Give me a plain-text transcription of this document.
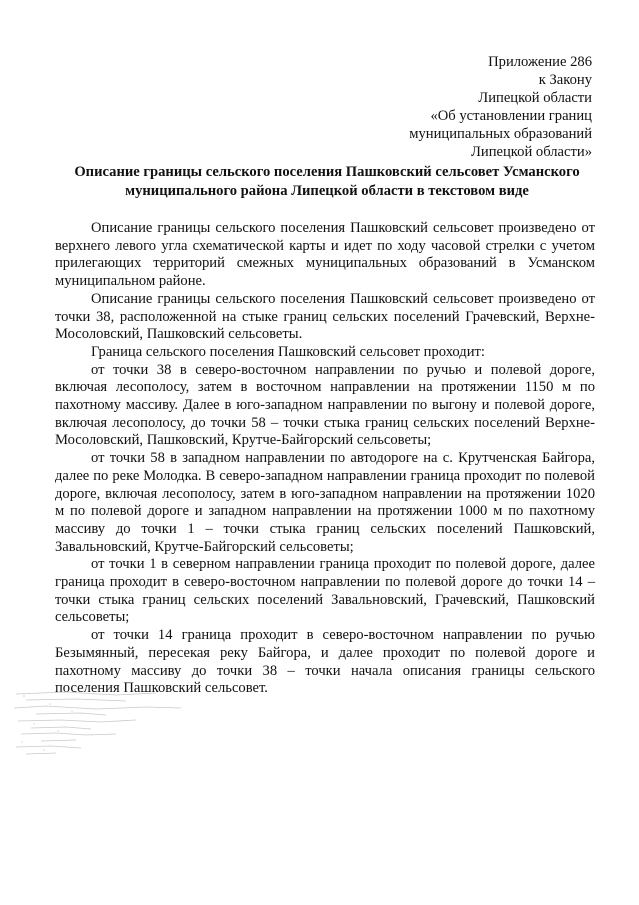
Приложение 286
к Закону
Липецкой области
«Об установлении границ
муниципальных образований
Липецкой области»
Описание границы сельского поселения Пашковский сельсовет Усманского
муниципального района Липецкой области в текстовом виде

Описание границы сельского поселения Пашковский сельсовет произведено от верхнего левого угла схематической карты и идет по ходу часовой стрелки с учетом прилегающих территорий смежных муниципальных образований в Усманском муниципальном районе.

Описание границы сельского поселения Пашковский сельсовет произведено от точки 38, расположенной на стыке границ сельских поселений Грачевский, Верхне-Мосоловский, Пашковский сельсоветы.

Граница сельского поселения Пашковский сельсовет проходит:

от точки 38 в северо-восточном направлении по ручью и полевой дороге, включая лесополосу, затем в восточном направлении на протяжении 1150 м по пахотному массиву. Далее в юго-западном направлении по выгону и полевой дороге, включая лесополосу, до точки 58 – точки стыка границ сельских поселений Верхне-Мосоловский, Пашковский, Крутче-Байгорский сельсоветы;

от точки 58 в западном направлении по автодороге на с. Крутченская Байгора, далее по реке Молодка. В северо-западном направлении граница проходит по полевой дороге, включая лесополосу, затем в юго-западном направлении на протяжении 1020 м по полевой дороге и западном направлении на протяжении 1000 м по пахотному массиву до точки 1 – точки стыка границ сельских поселений Пашковский, Завальновский, Крутче-Байгорский сельсоветы;

от точки 1 в северном направлении граница проходит по полевой дороге, далее граница проходит в северо-восточном направлении по полевой дороге до точки 14 – точки стыка границ сельских поселений Завальновский, Грачевский, Пашковский сельсоветы;

от точки 14 граница проходит в северо-восточном направлении по ручью Безымянный, пересекая реку Байгора, и далее проходит по полевой дороге и пахотному массиву до точки 38 – точки начала описания границы сельского поселения Пашковский сельсовет.
